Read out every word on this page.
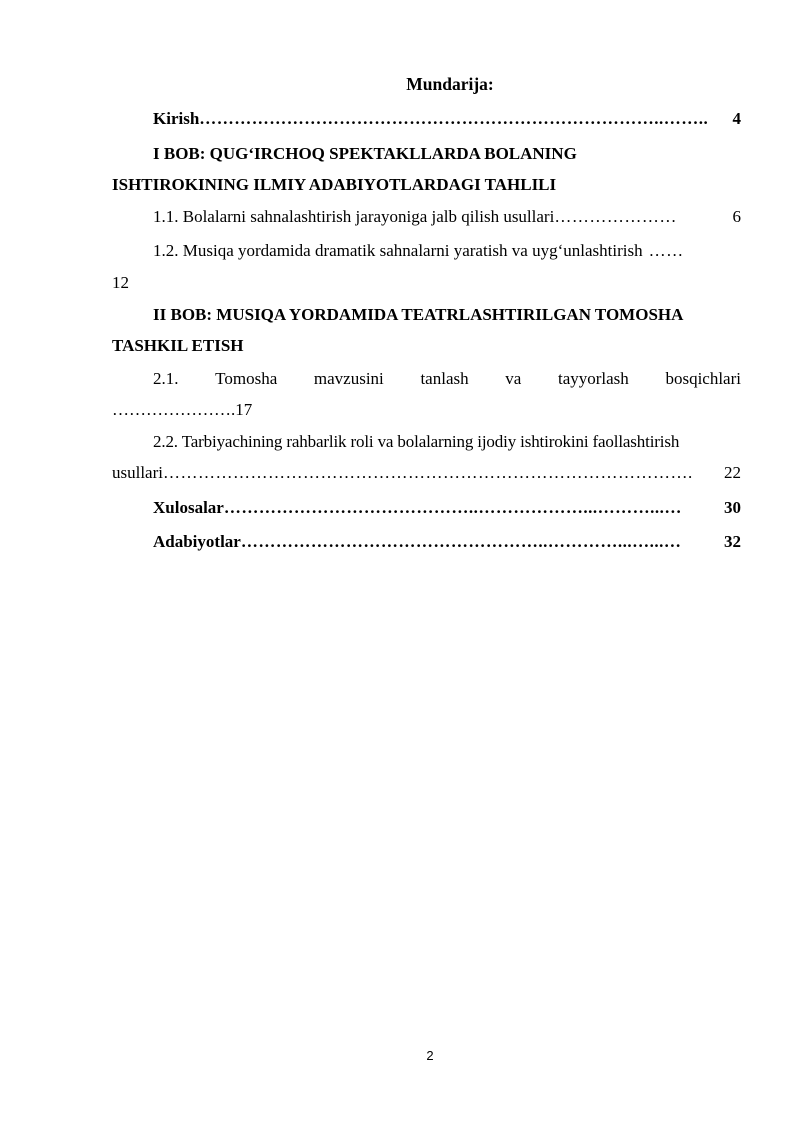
Mundarija:
Kirish ……………………………………………………………………..……..	4
I BOB: QUG‘IRCHOQ SPEKTAKLLARDA BOLANING
ISHTIROKINING ILMIY ADABIYOTLARDAGI TAHLILI
1.1. Bolalarni sahnalashtirish jarayoniga jalb qilish usullari …………………	6
1.2. Musiqa yordamida dramatik sahnalarni yaratish va uyg‘unlashtirish ……
12
II BOB: MUSIQA YORDAMIDA TEATRLASHTIRILGAN TOMOSHA
TASHKIL ETISH
2.1. Tomosha mavzusini tanlash va tayyorlash bosqichlari
………………….17
2.2. Tarbiyachining rahbarlik roli va bolalarning ijodiy ishtirokini faollashtirish
usullari ……………………………………………………………………………….	22
Xulosalar ……………………………………..………………...………...…	30
Adabiyotlar ……………………………………………..…………...…...…	32
2
